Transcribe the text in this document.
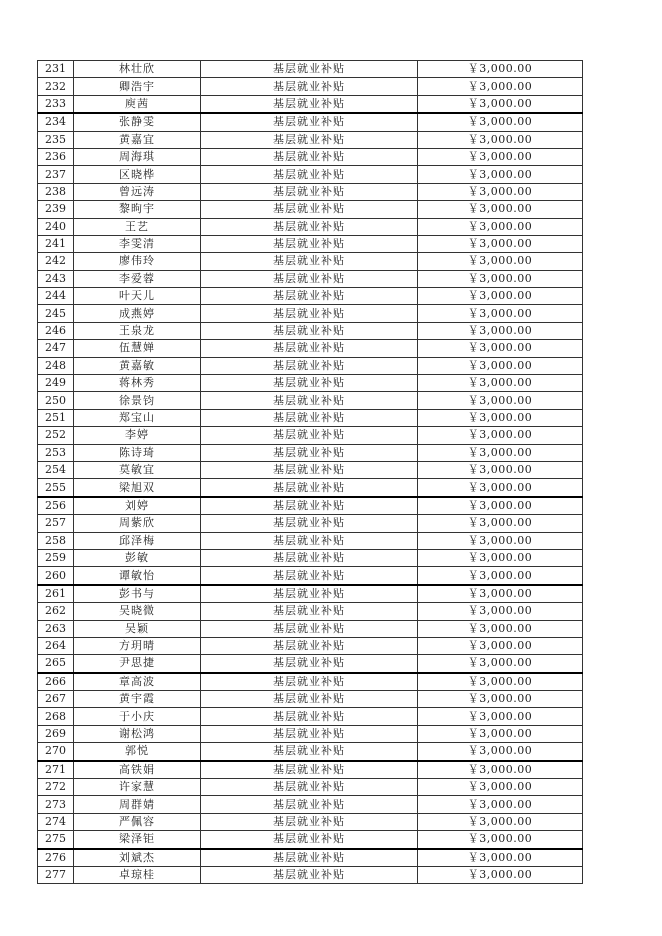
231	林壮欣	基层就业补贴	￥3,000.00
232	卿浩宇	基层就业补贴	￥3,000.00
233	庾茜	基层就业补贴	￥3,000.00
234	张静雯	基层就业补贴	￥3,000.00
235	黄嘉宜	基层就业补贴	￥3,000.00
236	周海琪	基层就业补贴	￥3,000.00
237	区晓桦	基层就业补贴	￥3,000.00
238	曾远涛	基层就业补贴	￥3,000.00
239	黎昫宇	基层就业补贴	￥3,000.00
240	王艺	基层就业补贴	￥3,000.00
241	李雯清	基层就业补贴	￥3,000.00
242	廖伟玲	基层就业补贴	￥3,000.00
243	李爱蓉	基层就业补贴	￥3,000.00
244	叶天儿	基层就业补贴	￥3,000.00
245	成燕婷	基层就业补贴	￥3,000.00
246	王泉龙	基层就业补贴	￥3,000.00
247	伍慧婵	基层就业补贴	￥3,000.00
248	黄嘉敏	基层就业补贴	￥3,000.00
249	蒋林秀	基层就业补贴	￥3,000.00
250	徐景钧	基层就业补贴	￥3,000.00
251	郑宝山	基层就业补贴	￥3,000.00
252	李婷	基层就业补贴	￥3,000.00
253	陈诗琦	基层就业补贴	￥3,000.00
254	莫敏宜	基层就业补贴	￥3,000.00
255	梁旭双	基层就业补贴	￥3,000.00
256	刘婷	基层就业补贴	￥3,000.00
257	周紫欣	基层就业补贴	￥3,000.00
258	邱泽梅	基层就业补贴	￥3,000.00
259	彭敏	基层就业补贴	￥3,000.00
260	谭敏怡	基层就业补贴	￥3,000.00
261	彭书与	基层就业补贴	￥3,000.00
262	吴晓微	基层就业补贴	￥3,000.00
263	吴颖	基层就业补贴	￥3,000.00
264	方玥晴	基层就业补贴	￥3,000.00
265	尹思捷	基层就业补贴	￥3,000.00
266	章高波	基层就业补贴	￥3,000.00
267	黄宇霞	基层就业补贴	￥3,000.00
268	于小庆	基层就业补贴	￥3,000.00
269	谢松鸿	基层就业补贴	￥3,000.00
270	郭悦	基层就业补贴	￥3,000.00
271	高铁娟	基层就业补贴	￥3,000.00
272	许家慧	基层就业补贴	￥3,000.00
273	周群婧	基层就业补贴	￥3,000.00
274	严佩容	基层就业补贴	￥3,000.00
275	梁泽钜	基层就业补贴	￥3,000.00
276	刘斌杰	基层就业补贴	￥3,000.00
277	卓琼桂	基层就业补贴	￥3,000.00
